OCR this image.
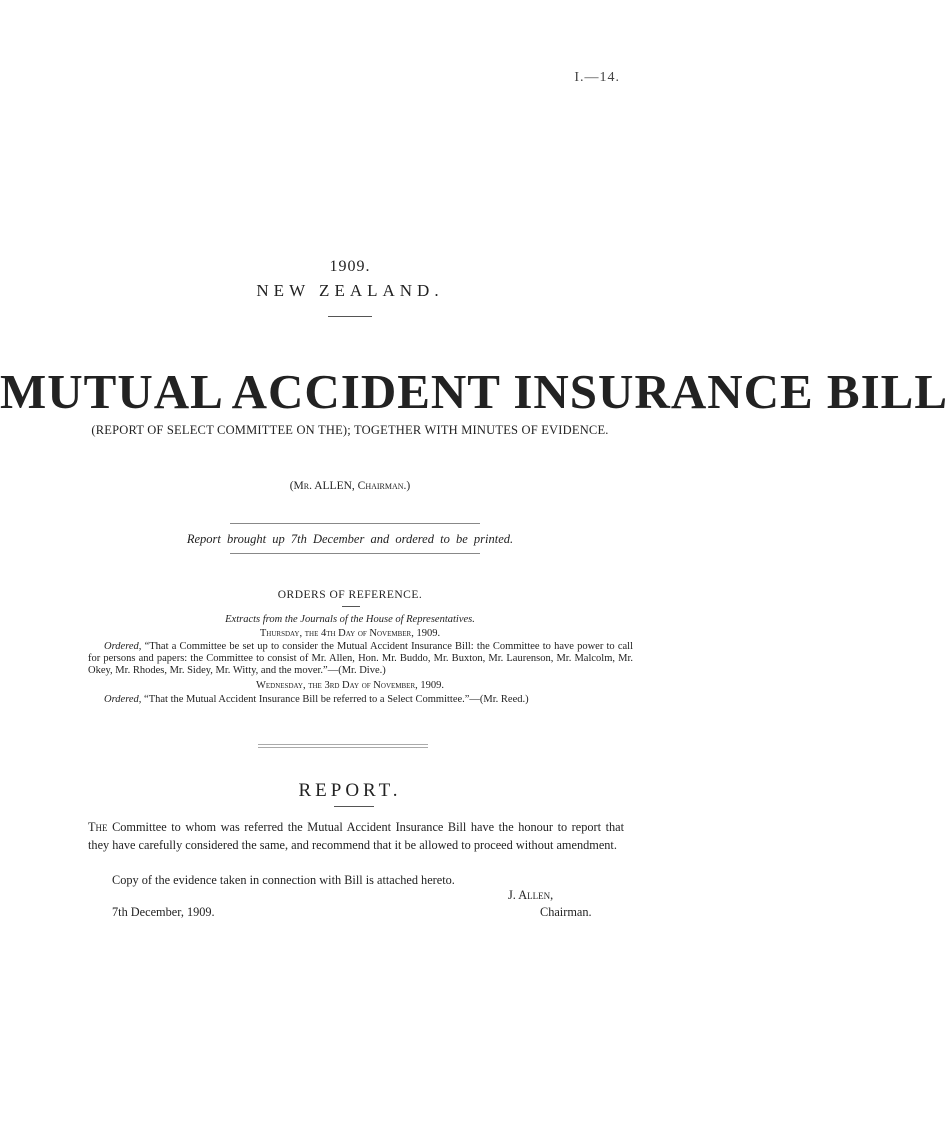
I.—14.
1909.
NEW ZEALAND.
MUTUAL ACCIDENT INSURANCE BILL
(REPORT OF SELECT COMMITTEE ON THE); TOGETHER WITH MINUTES OF EVIDENCE.
(Mr. ALLEN, Chairman.)
Report brought up 7th December and ordered to be printed.
ORDERS OF REFERENCE.
Extracts from the Journals of the House of Representatives.
Thursday, the 4th Day of November, 1909.
Ordered, “That a Committee be set up to consider the Mutual Accident Insurance Bill: the Committee to have power to call for persons and papers: the Committee to consist of Mr. Allen, Hon. Mr. Buddo, Mr. Buxton, Mr. Laurenson, Mr. Malcolm, Mr. Okey, Mr. Rhodes, Mr. Sidey, Mr. Witty, and the mover.”—(Mr. Dive.)
Wednesday, the 3rd Day of November, 1909.
Ordered, “That the Mutual Accident Insurance Bill be referred to a Select Committee.”—(Mr. Reed.)
REPORT.
The Committee to whom was referred the Mutual Accident Insurance Bill have the honour to report that they have carefully considered the same, and recommend that it be allowed to proceed without amendment.
Copy of the evidence taken in connection with Bill is attached hereto.
J. Allen,
7th December, 1909.	Chairman.
